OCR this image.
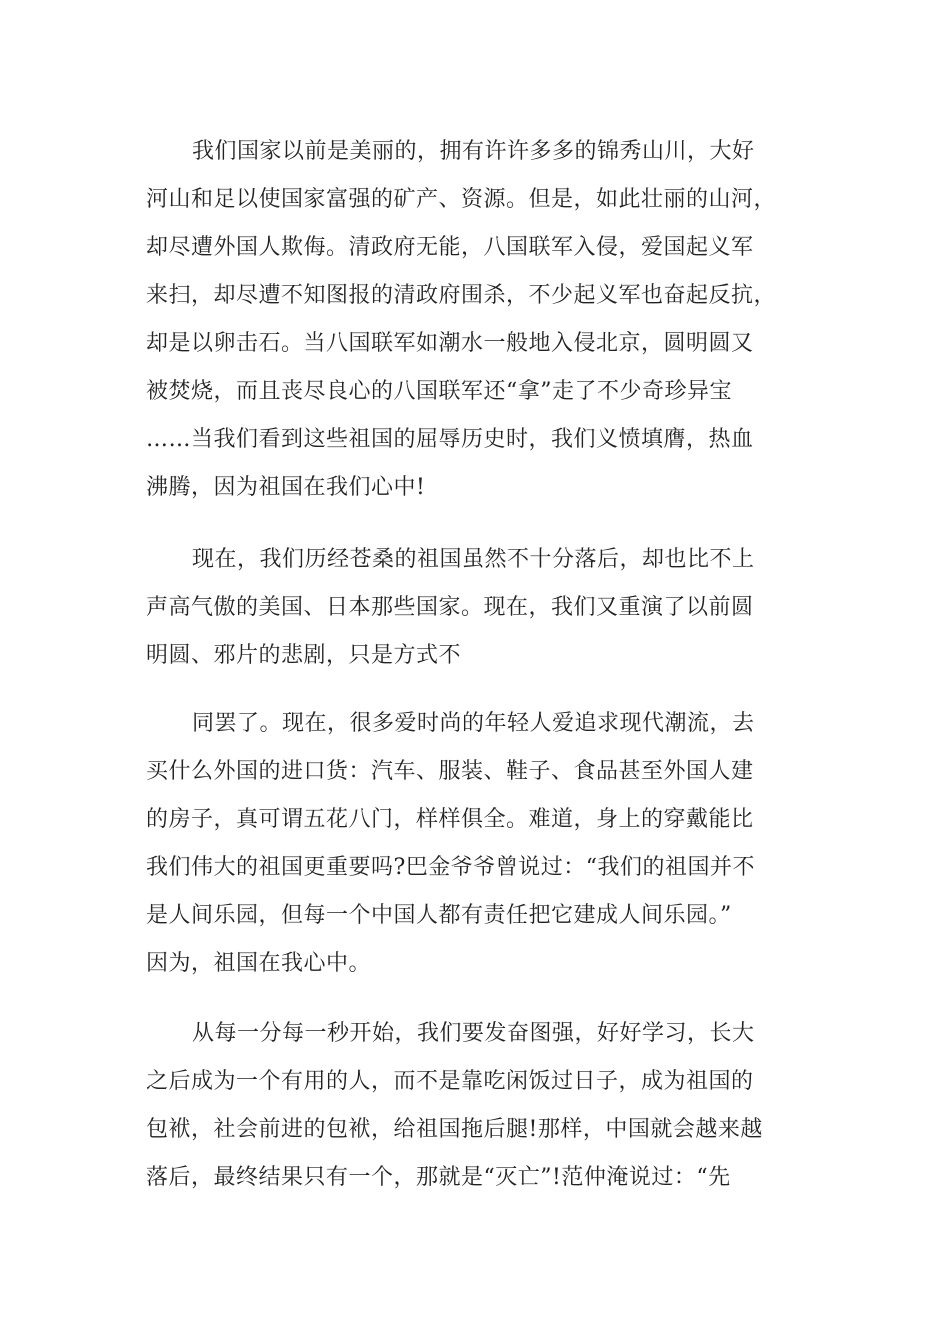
我们国家以前是美丽的，拥有许许多多的锦秀山川，大好
河山和足以使国家富强的矿产、资源。但是，如此壮丽的山河，
却尽遭外国人欺侮。清政府无能，八国联军入侵，爱国起义军
来扫，却尽遭不知图报的清政府围杀，不少起义军也奋起反抗，
却是以卵击石。当八国联军如潮水一般地入侵北京，圆明圆又
被焚烧，而且丧尽良心的八国联军还“拿”走了不少奇珍异宝
……当我们看到这些祖国的屈辱历史时，我们义愤填膺，热血
沸腾，因为祖国在我们心中!
现在，我们历经苍桑的祖国虽然不十分落后，却也比不上
声高气傲的美国、日本那些国家。现在，我们又重演了以前圆
明圆、邪片的悲剧，只是方式不
同罢了。现在，很多爱时尚的年轻人爱追求现代潮流，去
买什么外国的进口货：汽车、服装、鞋子、食品甚至外国人建
的房子，真可谓五花八门，样样俱全。难道，身上的穿戴能比
我们伟大的祖国更重要吗?巴金爷爷曾说过：“我们的祖国并不
是人间乐园，但每一个中国人都有责任把它建成人间乐园。”
因为，祖国在我心中。
从每一分每一秒开始，我们要发奋图强，好好学习，长大
之后成为一个有用的人，而不是靠吃闲饭过日子，成为祖国的
包袱，社会前进的包袱，给祖国拖后腿!那样，中国就会越来越
落后，最终结果只有一个，那就是“灭亡”!范仲淹说过：“先
